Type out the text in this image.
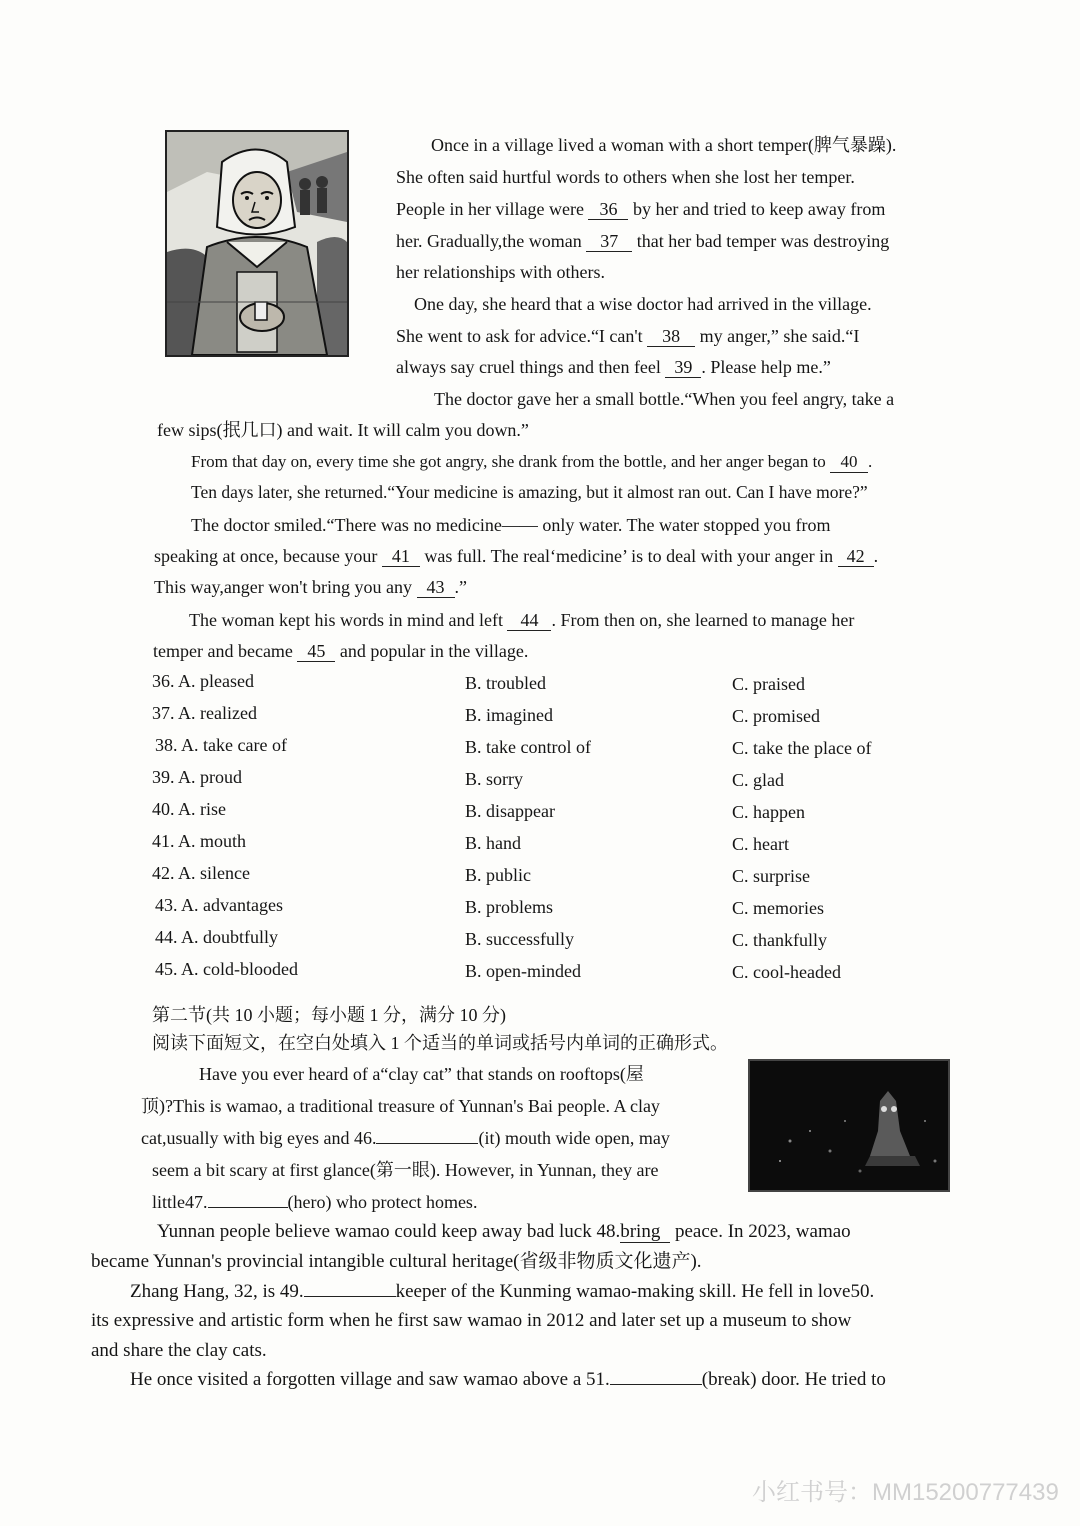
Once in a village lived a woman with a short temper(脾气暴躁).
She often said hurtful words to others when she lost her temper.
People in her village were 36 by her and tried to keep away from
her. Gradually,the woman 37 that her bad temper was destroying
her relationships with others.
One day, she heard that a wise doctor had arrived in the village.
She went to ask for advice.“I can't 38 my anger,” she said.“I
always say cruel things and then feel 39 . Please help me.”
The doctor gave her a small bottle.“When you feel angry, take a
few sips(抿几口) and wait. It will calm you down.”
From that day on, every time she got angry, she drank from the bottle, and her anger began to 40 .
Ten days later, she returned.“Your medicine is amazing, but it almost ran out. Can I have more?”
The doctor smiled.“There was no medicine—— only water. The water stopped you from
speaking at once, because your 41 was full. The real‘medicine’ is to deal with your anger in 42 .
This way,anger won't bring you any 43 .”
The woman kept his words in mind and left 44 . From then on, she learned to manage her
temper and became 45 and popular in the village.
36. A. pleased	B. troubled	C. praised
37. A. realized	B. imagined	C. promised
38. A. take care of	B. take control of	C. take the place of
39. A. proud	B. sorry	C. glad
40. A. rise	B. disappear	C. happen
41. A. mouth	B. hand	C. heart
42. A. silence	B. public	C. surprise
43. A. advantages	B. problems	C. memories
44. A. doubtfully	B. successfully	C. thankfully
45. A. cold-blooded	B. open-minded	C. cool-headed
第二节(共 10 小题；每小题 1 分，满分 10 分)
阅读下面短文，在空白处填入 1 个适当的单词或括号内单词的正确形式。
Have you ever heard of a“clay cat” that stands on rooftops(屋
顶)?This is wamao, a traditional treasure of Yunnan's Bai people. A clay
cat,usually with big eyes and 46.	(it) mouth wide open, may
seem a bit scary at first glance(第一眼). However, in Yunnan, they are
little47.	(hero) who protect homes.
Yunnan people believe wamao could keep away bad luck 48.bring peace. In 2023, wamao
became Yunnan's provincial intangible cultural heritage(省级非物质文化遗产).
Zhang Hang, 32, is 49.	keeper of the Kunming wamao-making skill. He fell in love50.
its expressive and artistic form when he first saw wamao in 2012 and later set up a museum to show
and share the clay cats.
He once visited a forgotten village and saw wamao above a 51.	(break) door. He tried to
小红书号：MM15200777439
